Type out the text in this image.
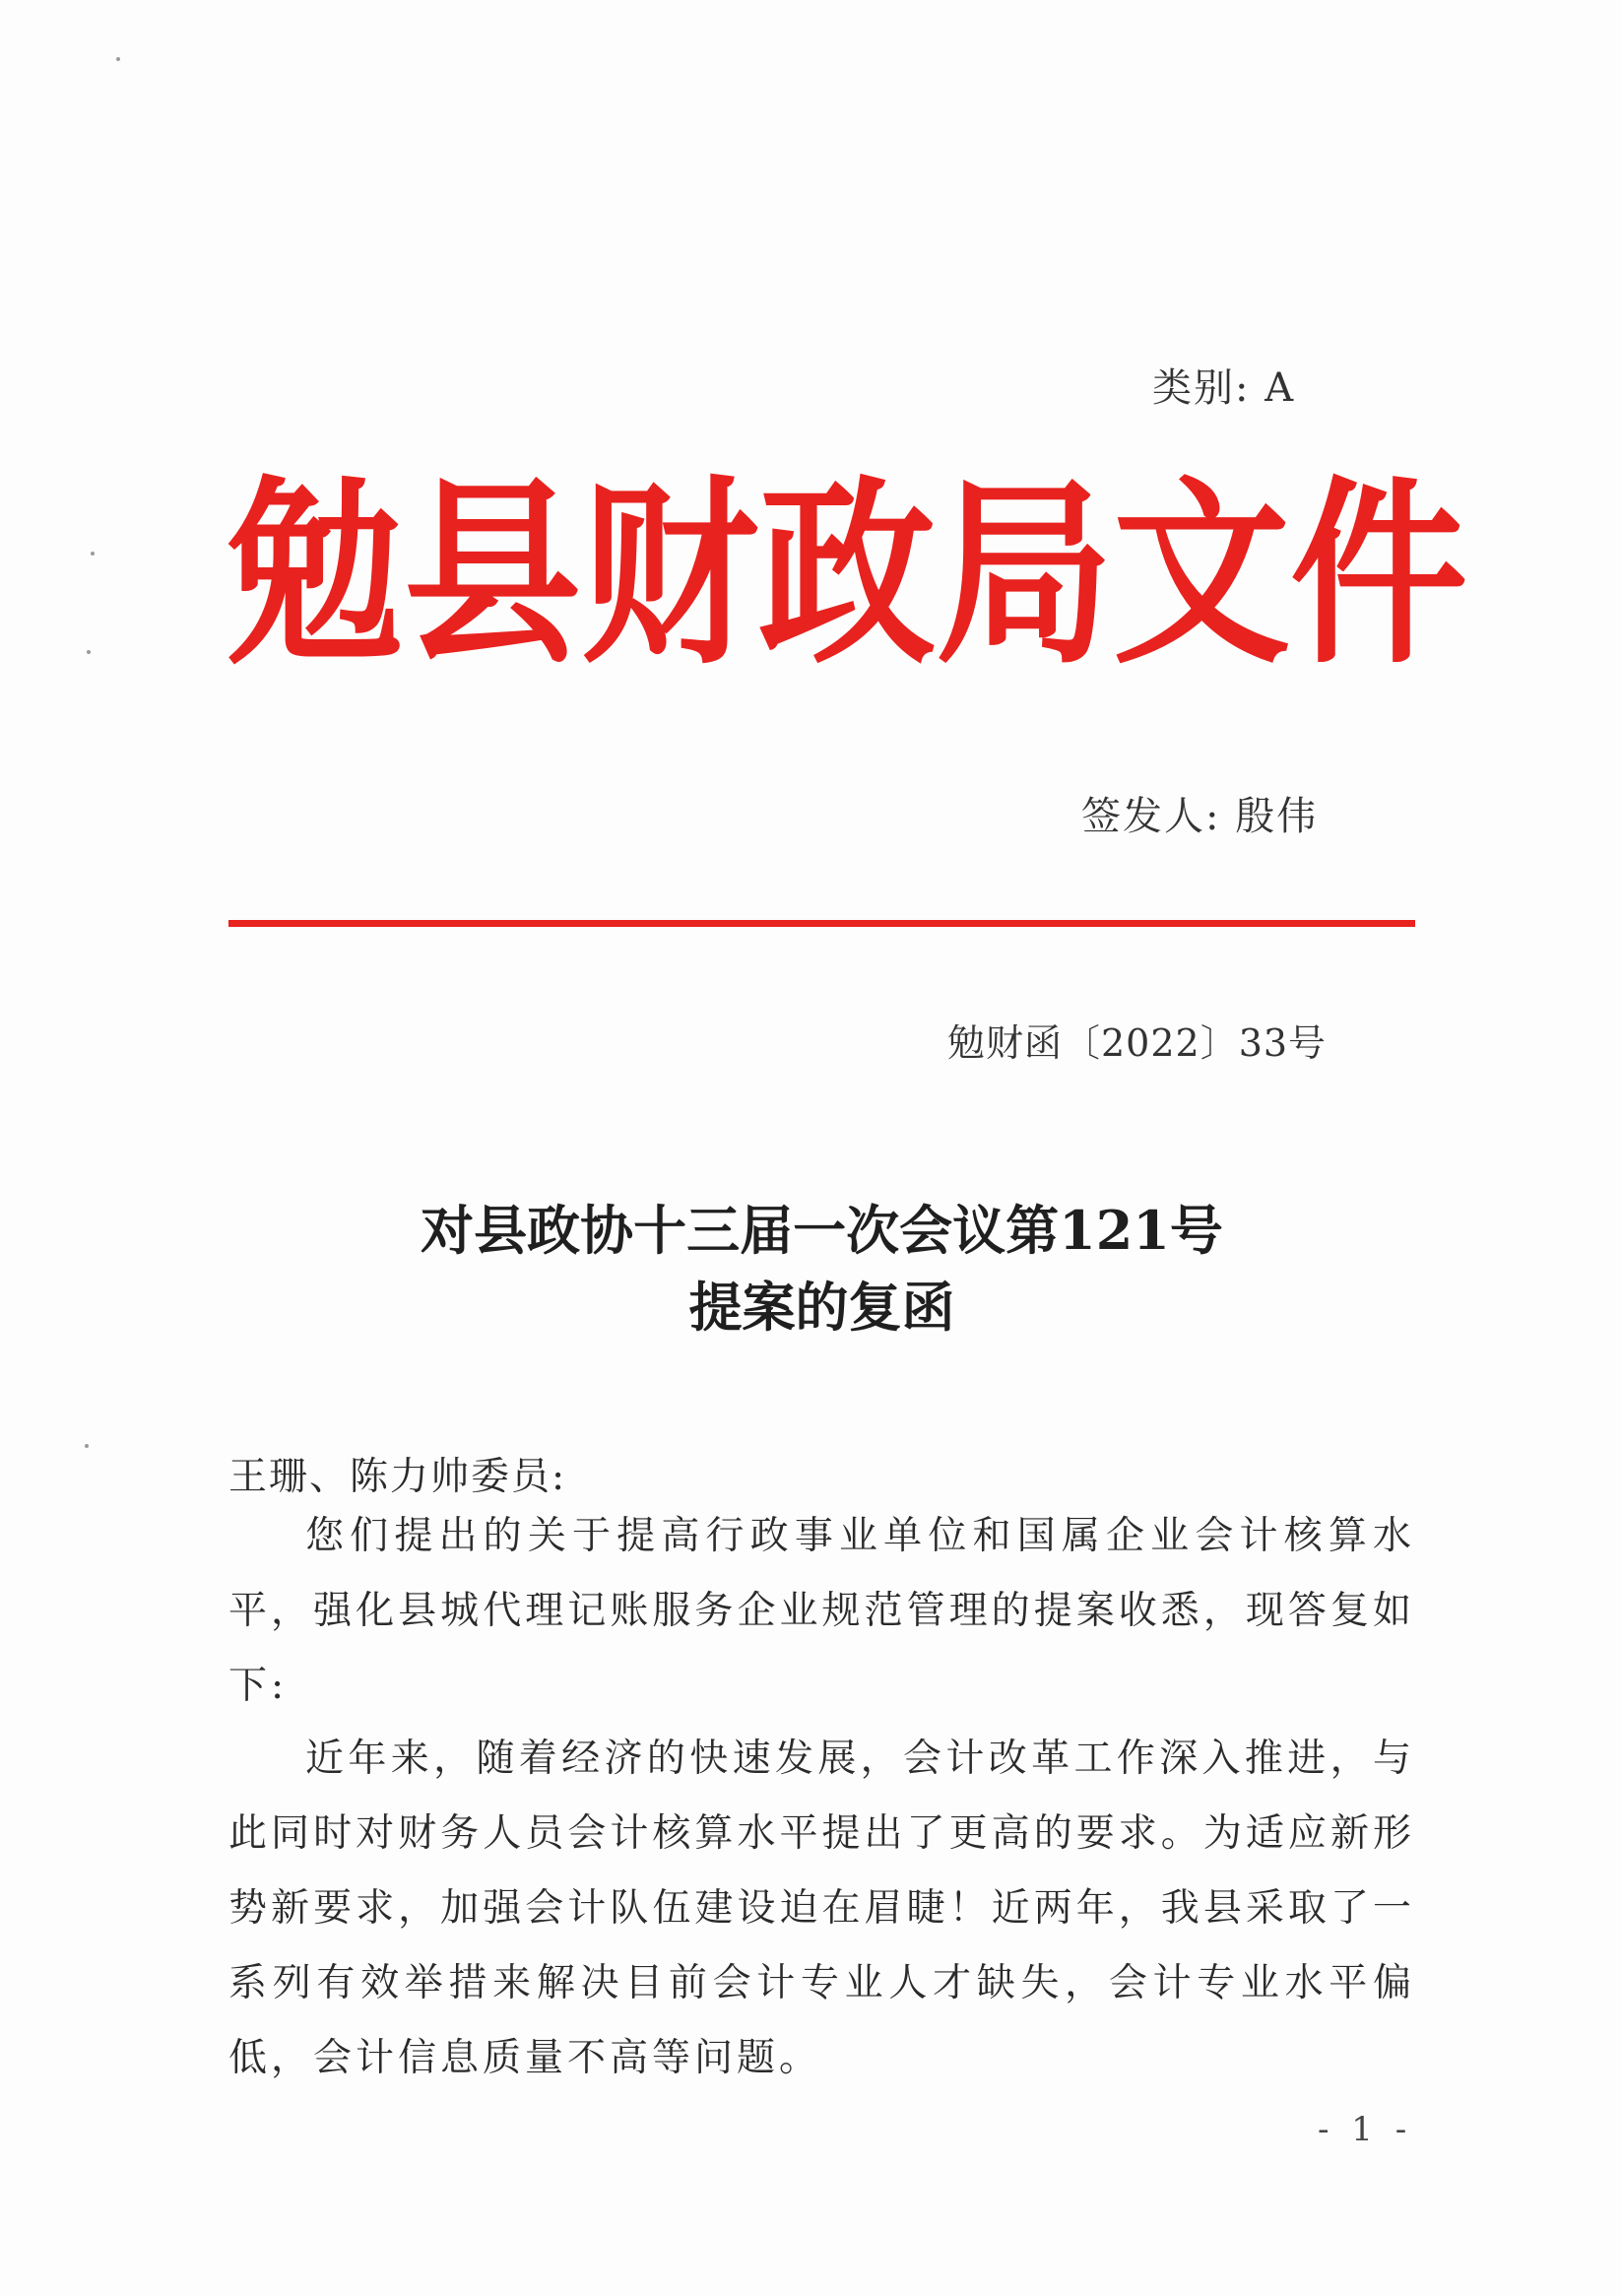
类别: A
勉 县 财 政 局 文 件
签发人: 殷伟
勉财函〔2022〕33号
对县政协十三届一次会议第121号
提案的复函
王珊、陈力帅委员:

您们提出的关于提高行政事业单位和国属企业会计核算水平，强化县城代理记账服务企业规范管理的提案收悉，现答复如下:

近年来，随着经济的快速发展，会计改革工作深入推进，与此同时对财务人员会计核算水平提出了更高的要求。为适应新形势新要求，加强会计队伍建设迫在眉睫！近两年，我县采取了一系列有效举措来解决目前会计专业人才缺失，会计专业水平偏低，会计信息质量不高等问题。

- 1 -
